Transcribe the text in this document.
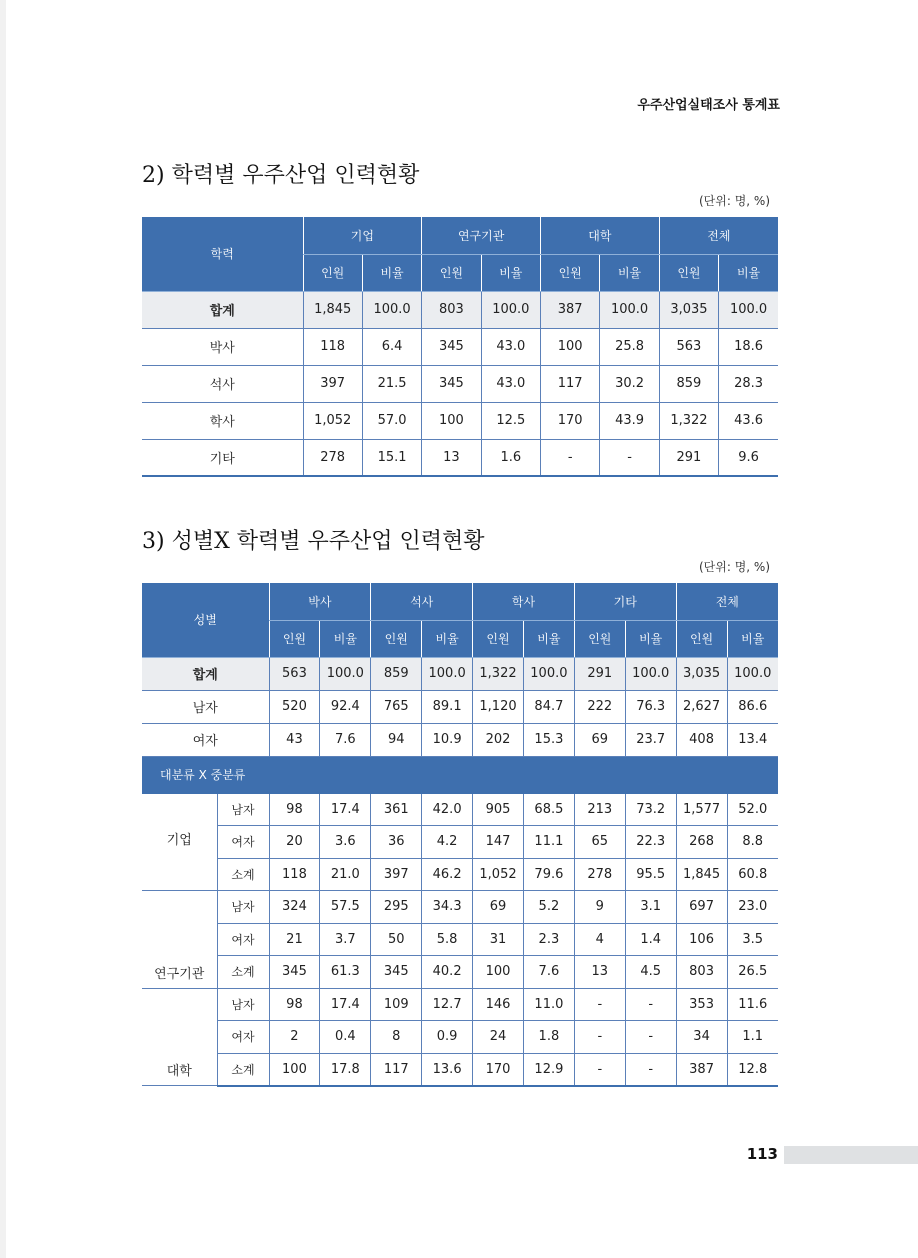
우주산업실태조사 통계표
2) 학력별 우주산업 인력현황
(단위: 명, %)
학력	기업		연구기관		대학		전체	
	인원	비율	인원	비율	인원	비율	인원	비율
합계	1,845	100.0	803	100.0	387	100.0	3,035	100.0
박사	118	6.4	345	43.0	100	25.8	563	18.6
석사	397	21.5	345	43.0	117	30.2	859	28.3
학사	1,052	57.0	100	12.5	170	43.9	1,322	43.6
기타	278	15.1	13	1.6	-	-	291	9.6
3) 성별X 학력별 우주산업 인력현황
(단위: 명, %)
성별		박사		석사		학사		기타		전체	
		인원	비율	인원	비율	인원	비율	인원	비율	인원	비율
합계		563	100.0	859	100.0	1,322	100.0	291	100.0	3,035	100.0
남자		520	92.4	765	89.1	1,120	84.7	222	76.3	2,627	86.6
여자		43	7.6	94	10.9	202	15.3	69	23.7	408	13.4
대분류 X 중분류											
기업	남자	98	17.4	361	42.0	905	68.5	213	73.2	1,577	52.0
	여자	20	3.6	36	4.2	147	11.1	65	22.3	268	8.8
	소계	118	21.0	397	46.2	1,052	79.6	278	95.5	1,845	60.8
연구기관	남자	324	57.5	295	34.3	69	5.2	9	3.1	697	23.0
	여자	21	3.7	50	5.8	31	2.3	4	1.4	106	3.5
	소계	345	61.3	345	40.2	100	7.6	13	4.5	803	26.5
대학	남자	98	17.4	109	12.7	146	11.0	-	-	353	11.6
	여자	2	0.4	8	0.9	24	1.8	-	-	34	1.1
	소계	100	17.8	117	13.6	170	12.9	-	-	387	12.8
113
